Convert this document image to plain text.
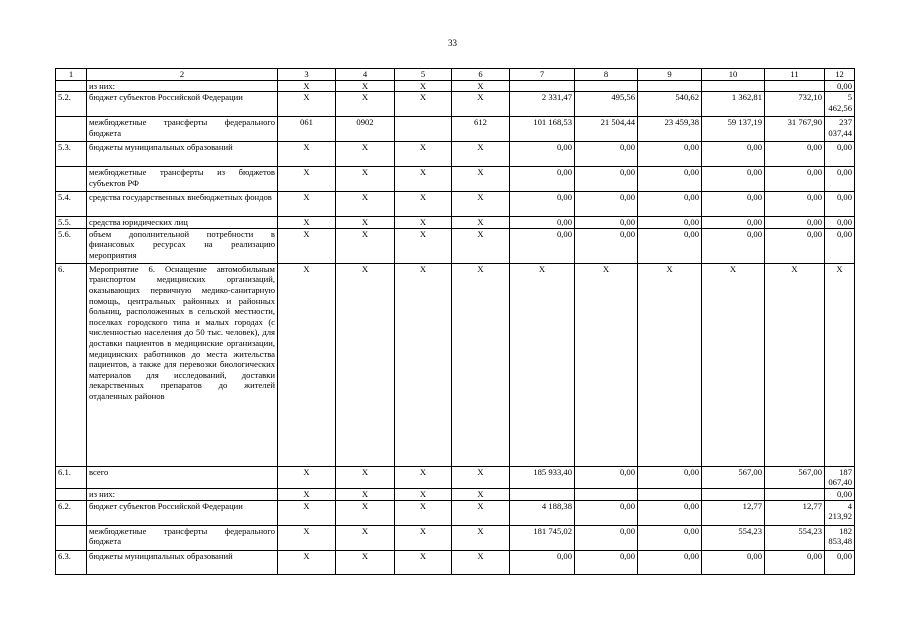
33
1	2	3	4	5	6	7	8	9	10	11	12
	из них:	X	X	X	X						0,00
5.2.	бюджет субъектов Российской Федерации	X	X	X	X	2 331,47	495,56	540,62	1 362,81	732,10	5 462,56
	межбюджетные трансферты федерального бюджета	061	0902		612	101 168,53	21 504,44	23 459,38	59 137,19	31 767,90	237 037,44
5.3.	бюджеты муниципальных образований	X	X	X	X	0,00	0,00	0,00	0,00	0,00	0,00
	межбюджетные трансферты из бюджетов субъектов РФ	X	X	X	X	0,00	0,00	0,00	0,00	0,00	0,00
5.4.	средства государственных внебюджетных фондов	X	X	X	X	0,00	0,00	0,00	0,00	0,00	0,00
5.5.	средства юридических лиц	X	X	X	X	0,00	0,00	0,00	0,00	0,00	0,00
5.6.	объем дополнительной потребности в финансовых ресурсах на реализацию мероприятия	X	X	X	X	0,00	0,00	0,00	0,00	0,00	0,00
6.	Мероприятие 6. Оснащение автомобильным транспортом медицинских организаций, оказывающих первичную медико-санитарную помощь, центральных районных и районных больниц, расположенных в сельской местности, поселках городского типа и малых городах (с численностью населения до 50 тыс. человек), для доставки пациентов в медицинские организации, медицинских работников до места жительства пациентов, а также для перевозки биологических материалов для исследований, доставки лекарственных препаратов до жителей отдаленных районов	X	X	X	X	X	X	X	X	X	X
6.1.	всего	X	X	X	X	185 933,40	0,00	0,00	567,00	567,00	187 067,40
	из них:	X	X	X	X						0,00
6.2.	бюджет субъектов Российской Федерации	X	X	X	X	4 188,38	0,00	0,00	12,77	12,77	4 213,92
	межбюджетные трансферты федерального бюджета	X	X	X	X	181 745,02	0,00	0,00	554,23	554,23	182 853,48
6.3.	бюджеты муниципальных образований	X	X	X	X	0,00	0,00	0,00	0,00	0,00	0,00
